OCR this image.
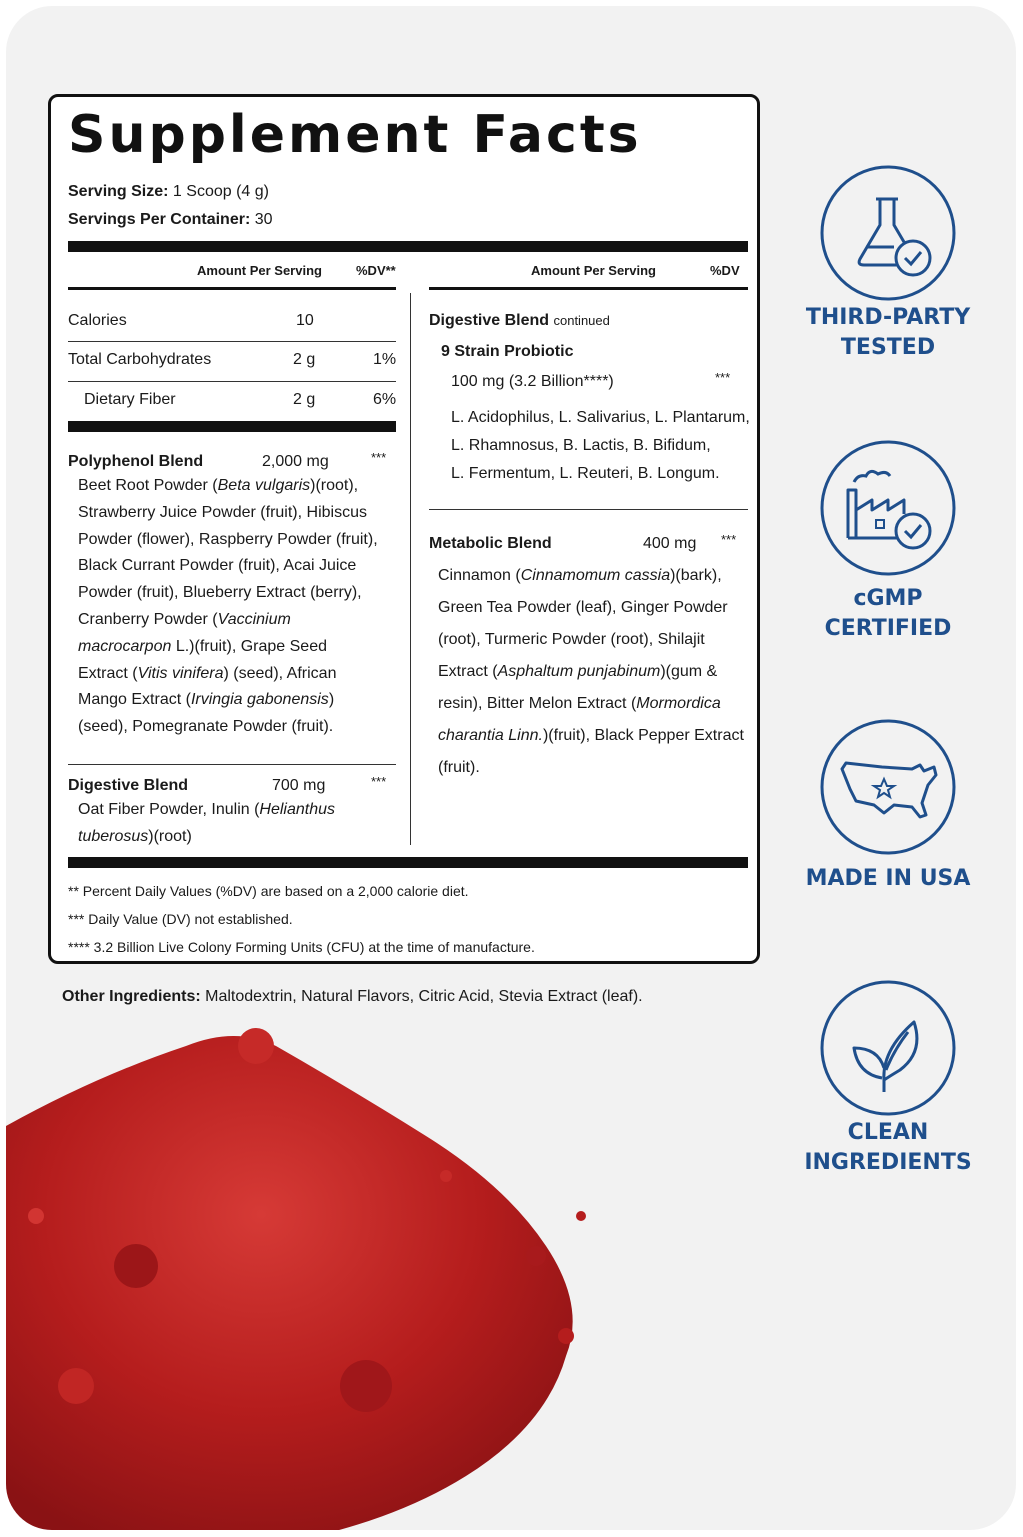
Supplement Facts
Serving Size: 1 Scoop (4 g)
Servings Per Container: 30
Amount Per Serving	%DV**	Amount Per Serving	%DV
Calories	10
Total Carbohydrates	2 g	1%
Dietary Fiber	2 g	6%
Polyphenol Blend	2,000 mg	***
Beet Root Powder (Beta vulgaris)(root), Strawberry Juice Powder (fruit), Hibiscus Powder (flower), Raspberry Powder (fruit), Black Currant Powder (fruit), Acai Juice Powder (fruit), Blueberry Extract (berry), Cranberry Powder (Vaccinium macrocarpon L.)(fruit), Grape Seed Extract (Vitis vinifera) (seed), African Mango Extract (Irvingia gabonensis)(seed), Pomegranate Powder (fruit).
Digestive Blend	700 mg	***
Oat Fiber Powder, Inulin (Helianthus tuberosus)(root)
Digestive Blend continued
9 Strain Probiotic
100 mg (3.2 Billion****)	***
L. Acidophilus, L. Salivarius, L. Plantarum,
L. Rhamnosus, B. Lactis, B. Bifidum,
L. Fermentum, L. Reuteri, B. Longum.
Metabolic Blend	400 mg ***
Cinnamon (Cinnamomum cassia)(bark), Green Tea Powder (leaf), Ginger Powder (root), Turmeric Powder (root), Shilajit Extract (Asphaltum punjabinum)(gum & resin), Bitter Melon Extract (Mormordica charantia Linn.)(fruit), Black Pepper Extract (fruit).
** Percent Daily Values (%DV) are based on a 2,000 calorie diet.
*** Daily Value (DV) not established.
**** 3.2 Billion Live Colony Forming Units (CFU) at the time of manufacture.
Other Ingredients: Maltodextrin, Natural Flavors, Citric Acid, Stevia Extract (leaf).
THIRD-PARTY
TESTED
cGMP
CERTIFIED
MADE IN USA
CLEAN
INGREDIENTS
